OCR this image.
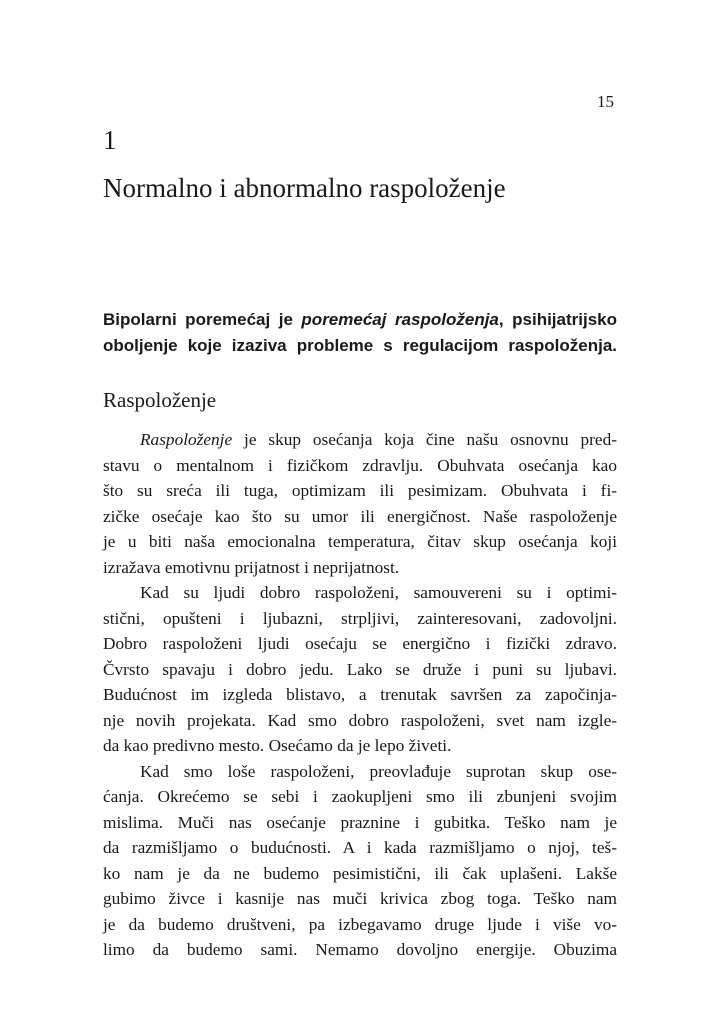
15
1
Normalno i abnormalno raspoloženje
Bipolarni poremećaj je poremećaj raspoloženja, psihijatrijsko
oboljenje koje izaziva probleme s regulacijom raspoloženja.
Raspoloženje
Raspoloženje je skup osećanja koja čine našu osnovnu pred-
stavu o mentalnom i fizičkom zdravlju. Obuhvata osećanja kao
što su sreća ili tuga, optimizam ili pesimizam. Obuhvata i fi-
zičke osećaje kao što su umor ili energičnost. Naše raspoloženje
je u biti naša emocionalna temperatura, čitav skup osećanja koji
izražava emotivnu prijatnost i neprijatnost.
Kad su ljudi dobro raspoloženi, samouvereni su i optimi-
stični, opušteni i ljubazni, strpljivi, zainteresovani, zadovoljni.
Dobro raspoloženi ljudi osećaju se energično i fizički zdravo.
Čvrsto spavaju i dobro jedu. Lako se druže i puni su ljubavi.
Budućnost im izgleda blistavo, a trenutak savršen za započinja-
nje novih projekata. Kad smo dobro raspoloženi, svet nam izgle-
da kao predivno mesto. Osećamo da je lepo živeti.
Kad smo loše raspoloženi, preovlađuje suprotan skup ose-
ćanja. Okrećemo se sebi i zaokupljeni smo ili zbunjeni svojim
mislima. Muči nas osećanje praznine i gubitka. Teško nam je
da razmišljamo o budućnosti. A i kada razmišljamo o njoj, teš-
ko nam je da ne budemo pesimistični, ili čak uplašeni. Lakše
gubimo živce i kasnije nas muči krivica zbog toga. Teško nam
je da budemo društveni, pa izbegavamo druge ljude i više vo-
limo da budemo sami. Nemamo dovoljno energije. Obuzima
